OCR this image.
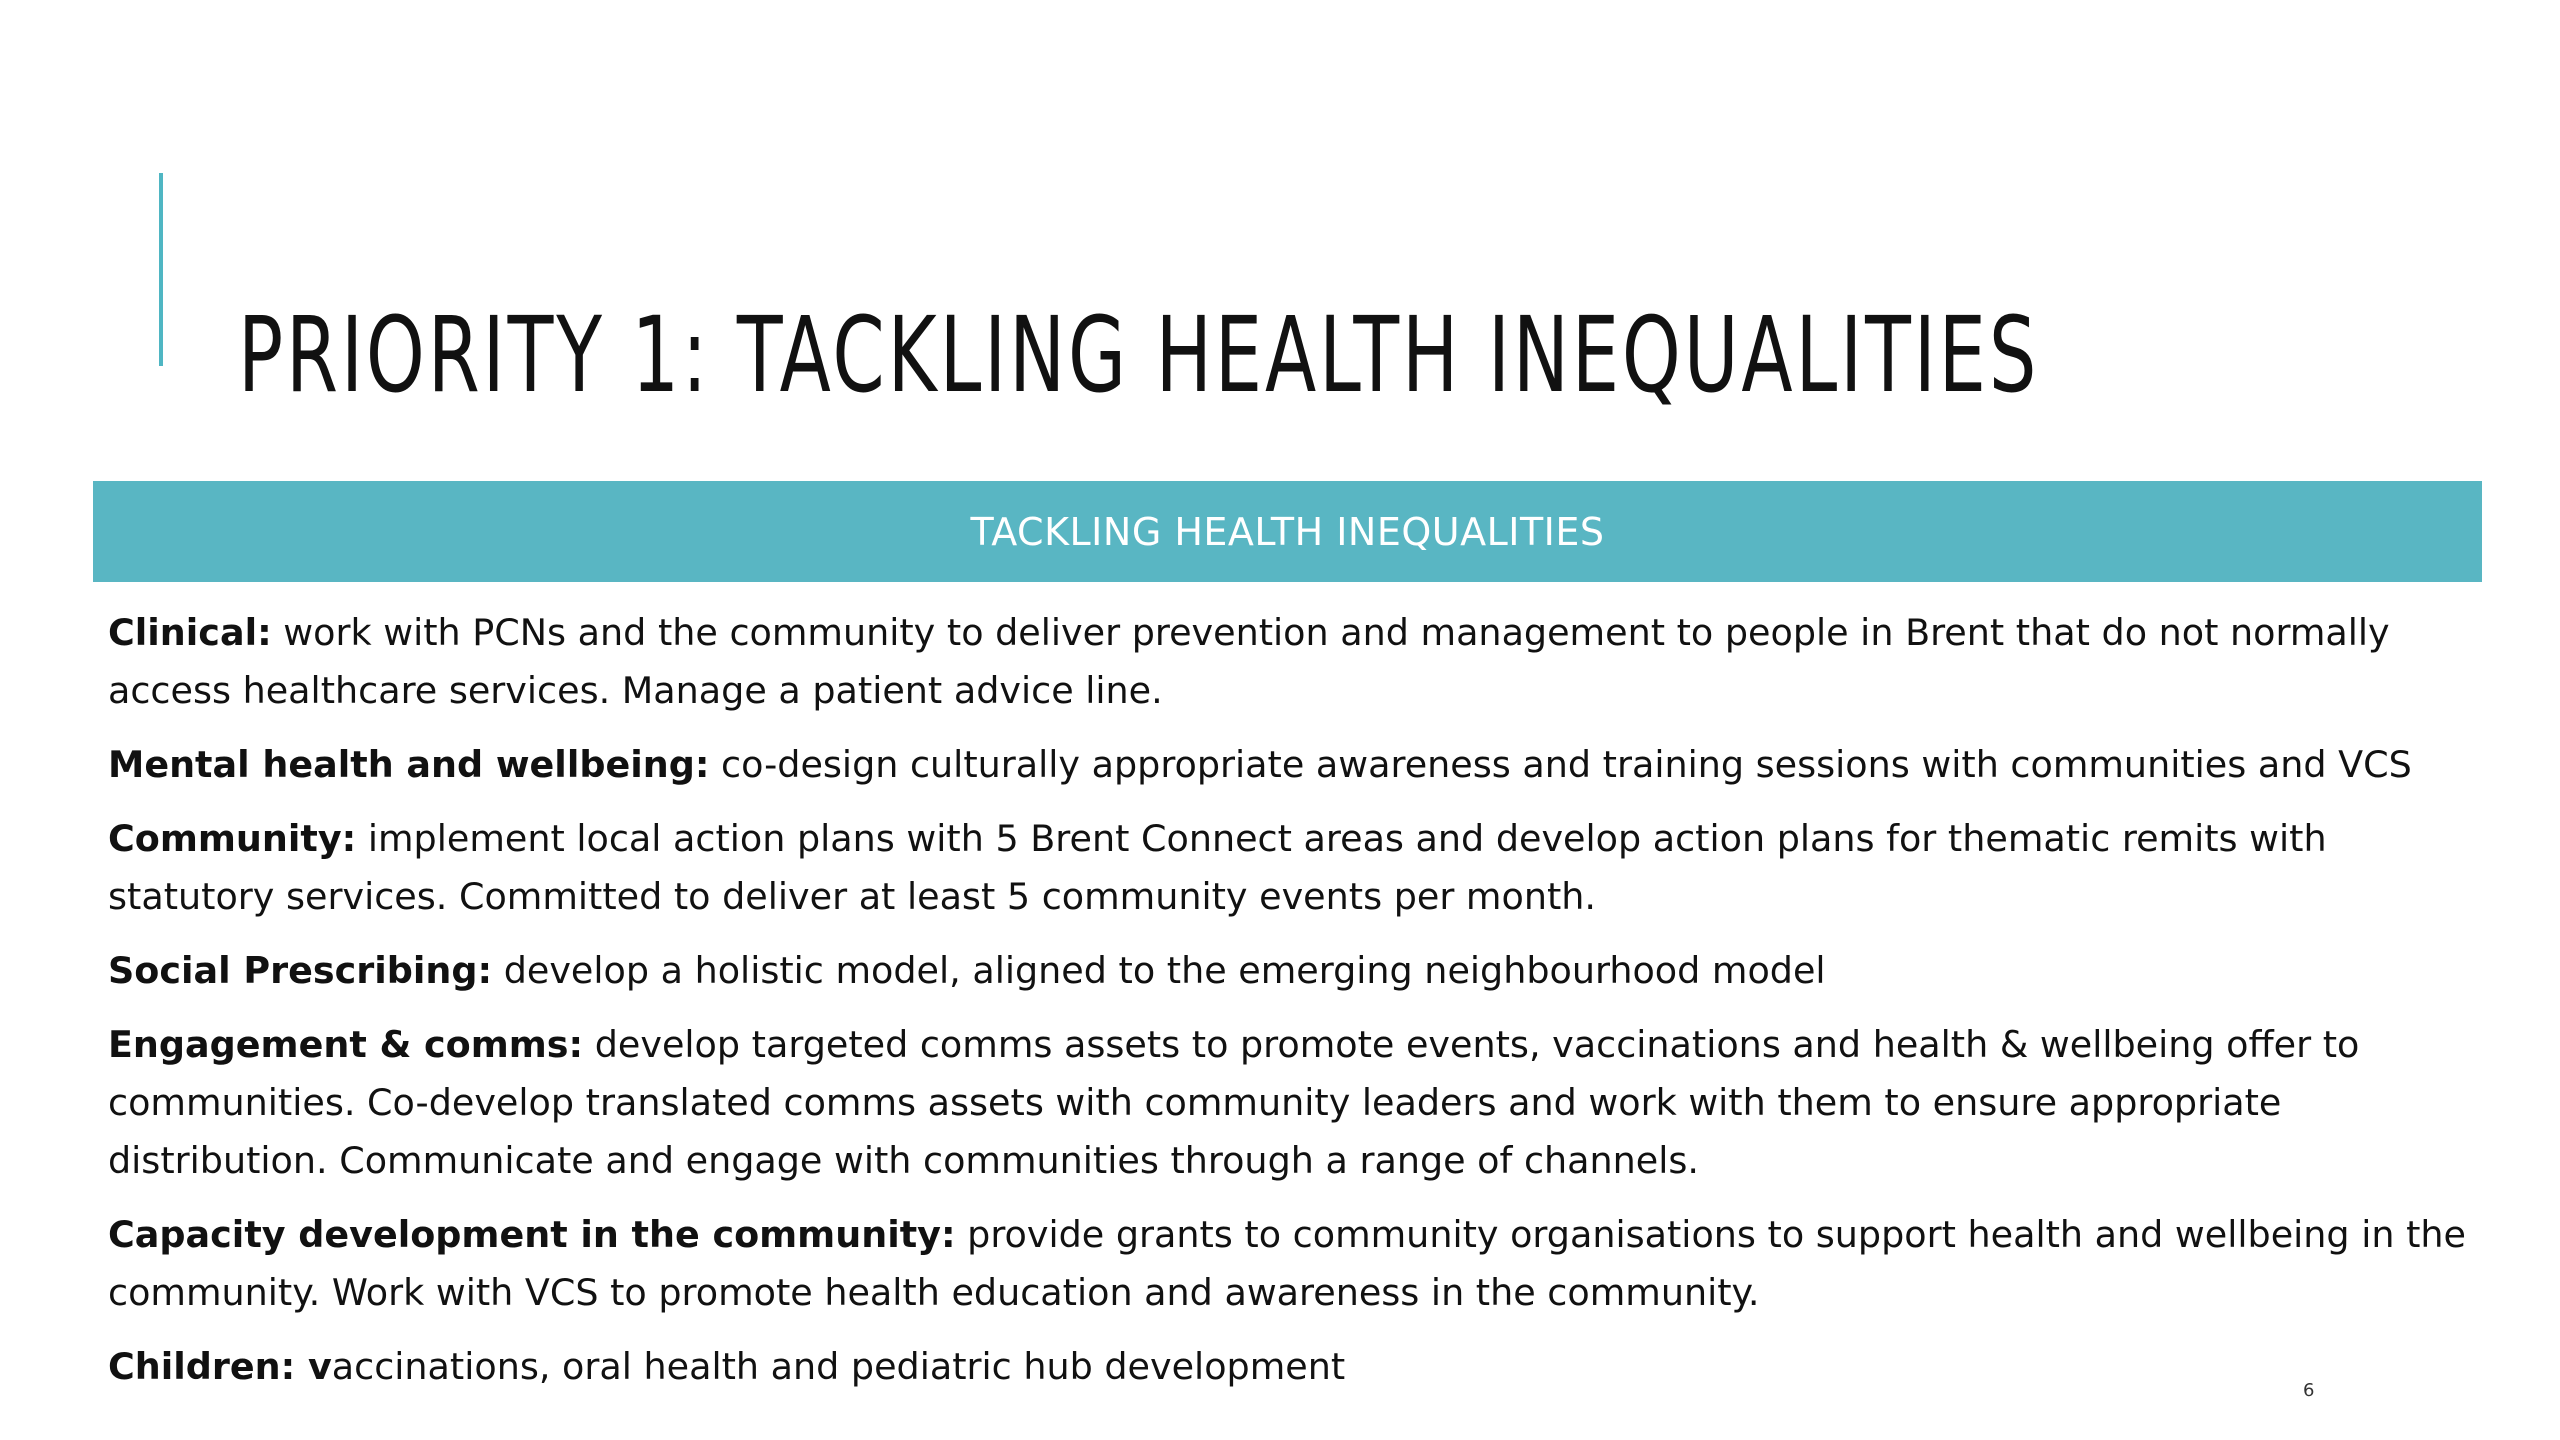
PRIORITY 1: TACKLING HEALTH INEQUALITIES
TACKLING HEALTH INEQUALITIES

Clinical: work with PCNs and the community to deliver prevention and management to people in Brent that do not normally access healthcare services. Manage a patient advice line.

Mental health and wellbeing: co-design culturally appropriate awareness and training sessions with communities and VCS

Community: implement local action plans with 5 Brent Connect areas and develop action plans for thematic remits with statutory services. Committed to deliver at least 5 community events per month.

Social Prescribing: develop a holistic model, aligned to the emerging neighbourhood model

Engagement & comms: develop targeted comms assets to promote events, vaccinations and health & wellbeing offer to communities. Co-develop translated comms assets with community leaders and work with them to ensure appropriate distribution. Communicate and engage with communities through a range of channels.

Capacity development in the community: provide grants to community organisations to support health and wellbeing in the community. Work with VCS to promote health education and awareness in the community.

Children: vaccinations, oral health and pediatric hub development

6
